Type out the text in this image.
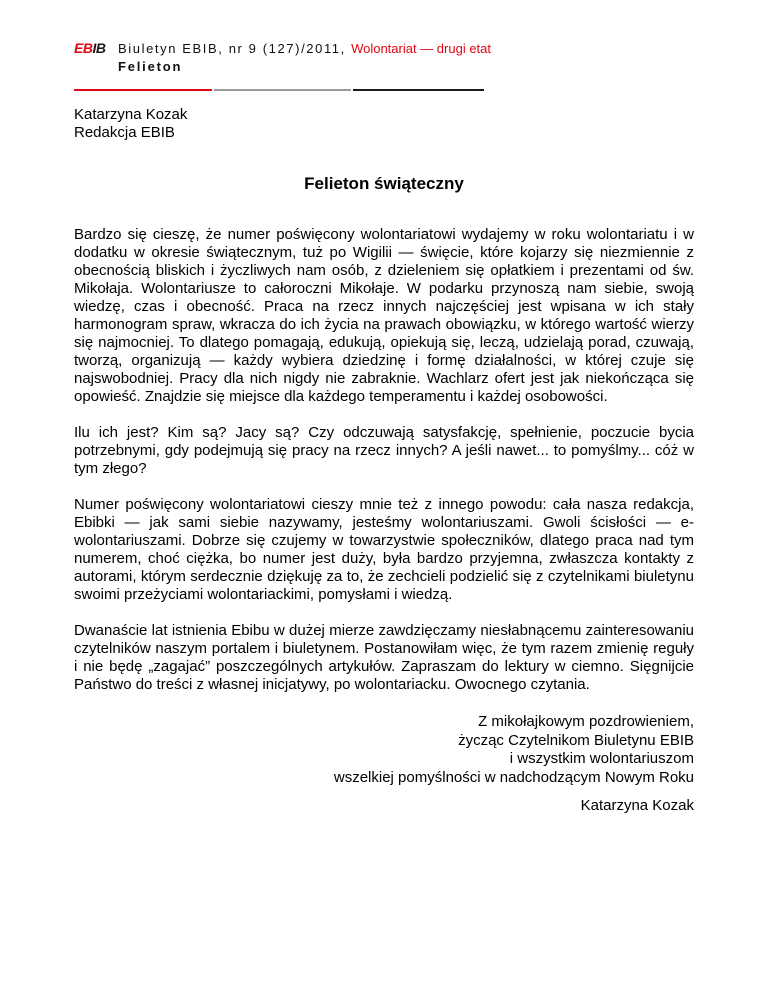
EBIB Biuletyn EBIB, nr 9 (127)/2011, Wolontariat — drugi etat
Felieton
Katarzyna Kozak
Redakcja EBIB
Felieton świąteczny

Bardzo się cieszę, że numer poświęcony wolontariatowi wydajemy w roku wolontariatu i w dodatku w okresie świątecznym, tuż po Wigilii — święcie, które kojarzy się niezmiennie z obecnością bliskich i życzliwych nam osób, z dzieleniem się opłatkiem i prezentami od św. Mikołaja. Wolontariusze to całoroczni Mikołaje. W podarku przynoszą nam siebie, swoją wiedzę, czas i obecność. Praca na rzecz innych najczęściej jest wpisana w ich stały harmonogram spraw, wkracza do ich życia na prawach obowiązku, w którego wartość wierzy się najmocniej. To dlatego pomagają, edukują, opiekują się, leczą, udzielają porad, czuwają, tworzą, organizują — każdy wybiera dziedzinę i formę działalności, w której czuje się najswobodniej. Pracy dla nich nigdy nie zabraknie. Wachlarz ofert jest jak niekończąca się opowieść. Znajdzie się miejsce dla każdego temperamentu i każdej osobowości.

Ilu ich jest? Kim są? Jacy są? Czy odczuwają satysfakcję, spełnienie, poczucie bycia potrzebnymi, gdy podejmują się pracy na rzecz innych? A jeśli nawet... to pomyślmy... cóż w tym złego?

Numer poświęcony wolontariatowi cieszy mnie też z innego powodu: cała nasza redakcja, Ebibki — jak sami siebie nazywamy, jesteśmy wolontariuszami. Gwoli ścisłości — e-wolontariuszami. Dobrze się czujemy w towarzystwie społeczników, dlatego praca nad tym numerem, choć ciężka, bo numer jest duży, była bardzo przyjemna, zwłaszcza kontakty z autorami, którym serdecznie dziękuję za to, że zechcieli podzielić się z czytelnikami biuletynu swoimi przeżyciami wolontariackimi, pomysłami i wiedzą.

Dwanaście lat istnienia Ebibu w dużej mierze zawdzięczamy niesłabnącemu zainteresowaniu czytelników naszym portalem i biuletynem. Postanowiłam więc, że tym razem zmienię reguły i nie będę „zagajać” poszczególnych artykułów. Zapraszam do lektury w ciemno. Sięgnijcie Państwo do treści z własnej inicjatywy, po wolontariacku. Owocnego czytania.

Z mikołajkowym pozdrowieniem,
życząc Czytelnikom Biuletynu EBIB
i wszystkim wolontariuszom
wszelkiej pomyślności w nadchodzącym Nowym Roku
Katarzyna Kozak
